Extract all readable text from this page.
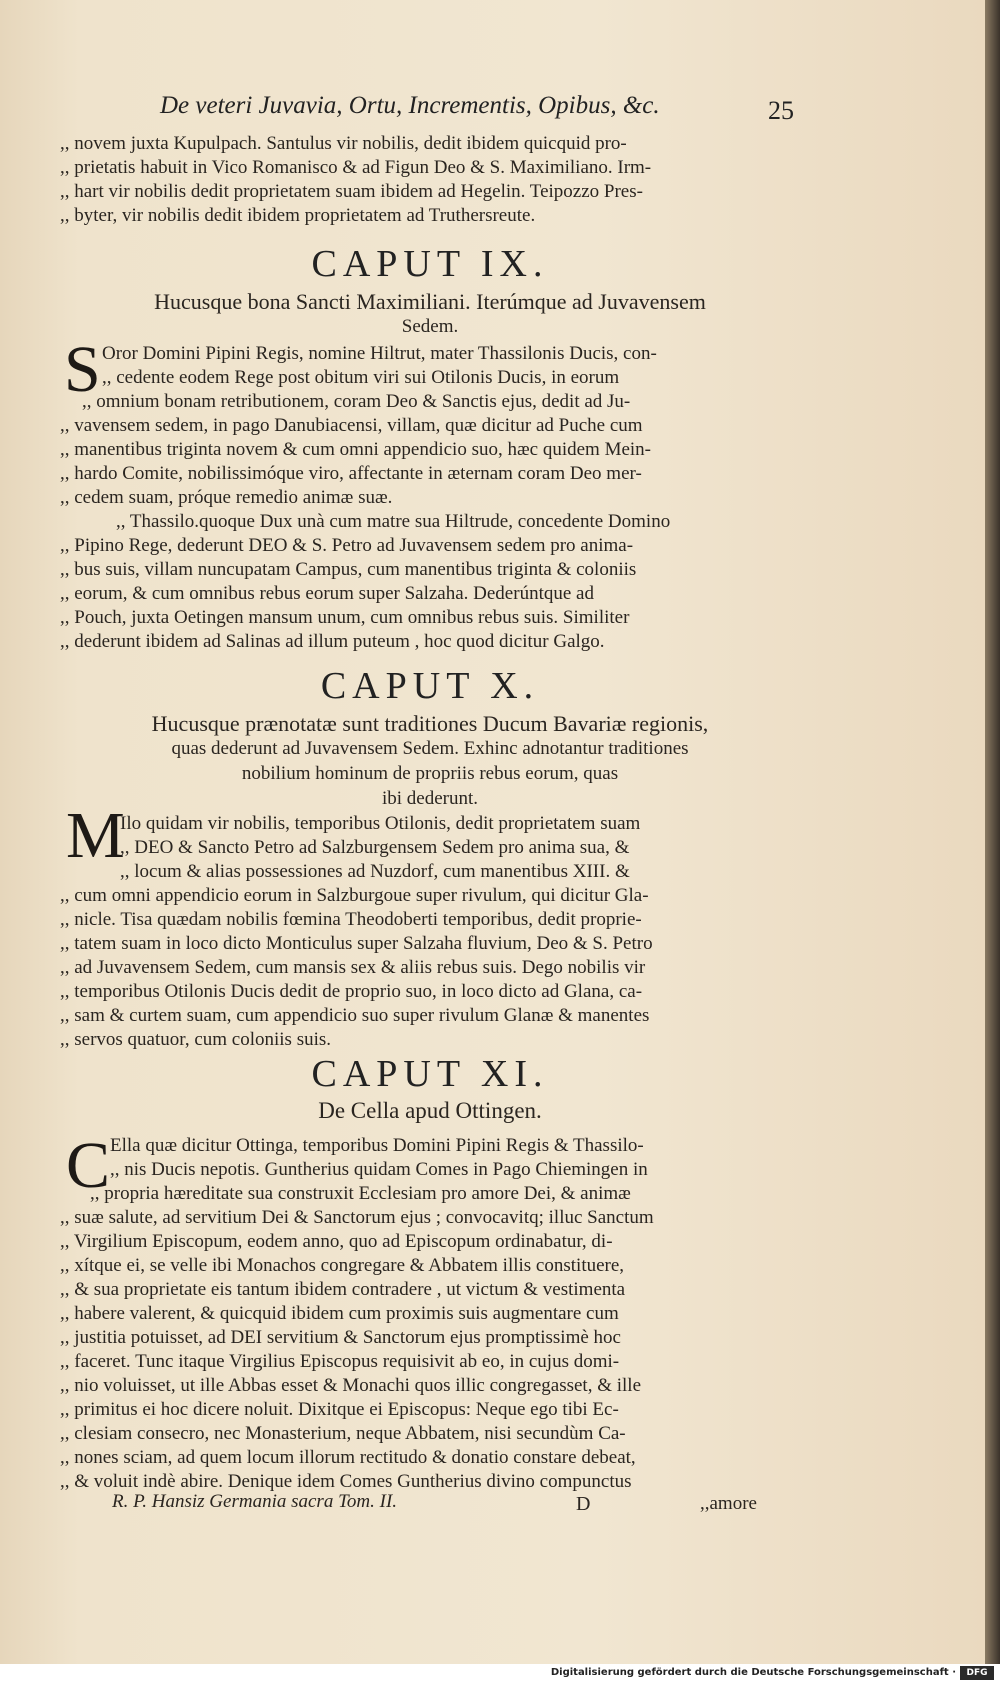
De veteri Juvavia, Ortu, Incrementis, Opibus, &c.	25
,, novem juxta Kupulpach. Santulus vir nobilis, dedit ibidem quicquid pro-
,, prietatis habuit in Vico Romanisco & ad Figun Deo & S. Maximiliano. Irm-
,, hart vir nobilis dedit proprietatem suam ibidem ad Hegelin. Teipozzo Pres-
,, byter, vir nobilis dedit ibidem proprietatem ad Truthersreute.
CAPUT IX.
Hucusque bona Sancti Maximiliani. Iterúmque ad Juvavensem
Sedem.
S Oror Domini Pipini Regis, nomine Hiltrut, mater Thassilonis Ducis, con-
,, cedente eodem Rege post obitum viri sui Otilonis Ducis, in eorum
,, omnium bonam retributionem, coram Deo & Sanctis ejus, dedit ad Ju-
,, vavensem sedem, in pago Danubiacensi, villam, quæ dicitur ad Puche cum
,, manentibus triginta novem & cum omni appendicio suo, hæc quidem Mein-
,, hardo Comite, nobilissimóque viro, affectante in æternam coram Deo mer-
,, cedem suam, próque remedio animæ suæ.
,, Thassilo.quoque Dux unà cum matre sua Hiltrude, concedente Domino
,, Pipino Rege, dederunt DEO & S. Petro ad Juvavensem sedem pro anima-
,, bus suis, villam nuncupatam Campus, cum manentibus triginta & coloniis
,, eorum, & cum omnibus rebus eorum super Salzaha. Dederúntque ad
,, Pouch, juxta Oetingen mansum unum, cum omnibus rebus suis. Similiter
,, dederunt ibidem ad Salinas ad illum puteum , hoc quod dicitur Galgo.
CAPUT X.
Hucusque prænotatæ sunt traditiones Ducum Bavariæ regionis,
quas dederunt ad Juvavensem Sedem. Exhinc adnotantur traditiones
nobilium hominum de propriis rebus eorum, quas
ibi dederunt.
M
Ilo quidam vir nobilis, temporibus Otilonis, dedit proprietatem suam
,, DEO & Sancto Petro ad Salzburgensem Sedem pro anima sua, &
,, locum & alias possessiones ad Nuzdorf, cum manentibus XIII. &
,, cum omni appendicio eorum in Salzburgoue super rivulum, qui dicitur Gla-
,, nicle. Tisa quædam nobilis fœmina Theodoberti temporibus, dedit proprie-
,, tatem suam in loco dicto Monticulus super Salzaha fluvium, Deo & S. Petro
,, ad Juvavensem Sedem, cum mansis sex & aliis rebus suis. Dego nobilis vir
,, temporibus Otilonis Ducis dedit de proprio suo, in loco dicto ad Glana, ca-
,, sam & curtem suam, cum appendicio suo super rivulum Glanæ & manentes
,, servos quatuor, cum coloniis suis.
CAPUT XI.
De Cella apud Ottingen.
C Ella quæ dicitur Ottinga, temporibus Domini Pipini Regis & Thassilo-
,, nis Ducis nepotis. Guntherius quidam Comes in Pago Chiemingen in
,, propria hæreditate sua construxit Ecclesiam pro amore Dei, & animæ
,, suæ salute, ad servitium Dei & Sanctorum ejus ; convocavitq; illuc Sanctum
,, Virgilium Episcopum, eodem anno, quo ad Episcopum ordinabatur, di-
,, xítque ei, se velle ibi Monachos congregare & Abbatem illis constituere,
,, & sua proprietate eis tantum ibidem contradere , ut victum & vestimenta
,, habere valerent, & quicquid ibidem cum proximis suis augmentare cum
,, justitia potuisset, ad DEI servitium & Sanctorum ejus promptissimè hoc
,, faceret. Tunc itaque Virgilius Episcopus requisivit ab eo, in cujus domi-
,, nio voluisset, ut ille Abbas esset & Monachi quos illic congregasset, & ille
,, primitus ei hoc dicere noluit. Dixitque ei Episcopus: Neque ego tibi Ec-
,, clesiam consecro, nec Monasterium, neque Abbatem, nisi secundùm Ca-
,, nones sciam, ad quem locum illorum rectitudo & donatio constare debeat,
,, & voluit indè abire. Denique idem Comes Guntherius divino compunctus
R. P. Hansiz Germania sacra Tom. II.	D	,,amore
Digitalisierung gefördert durch die Deutsche Forschungsgemeinschaft ·	DFG
